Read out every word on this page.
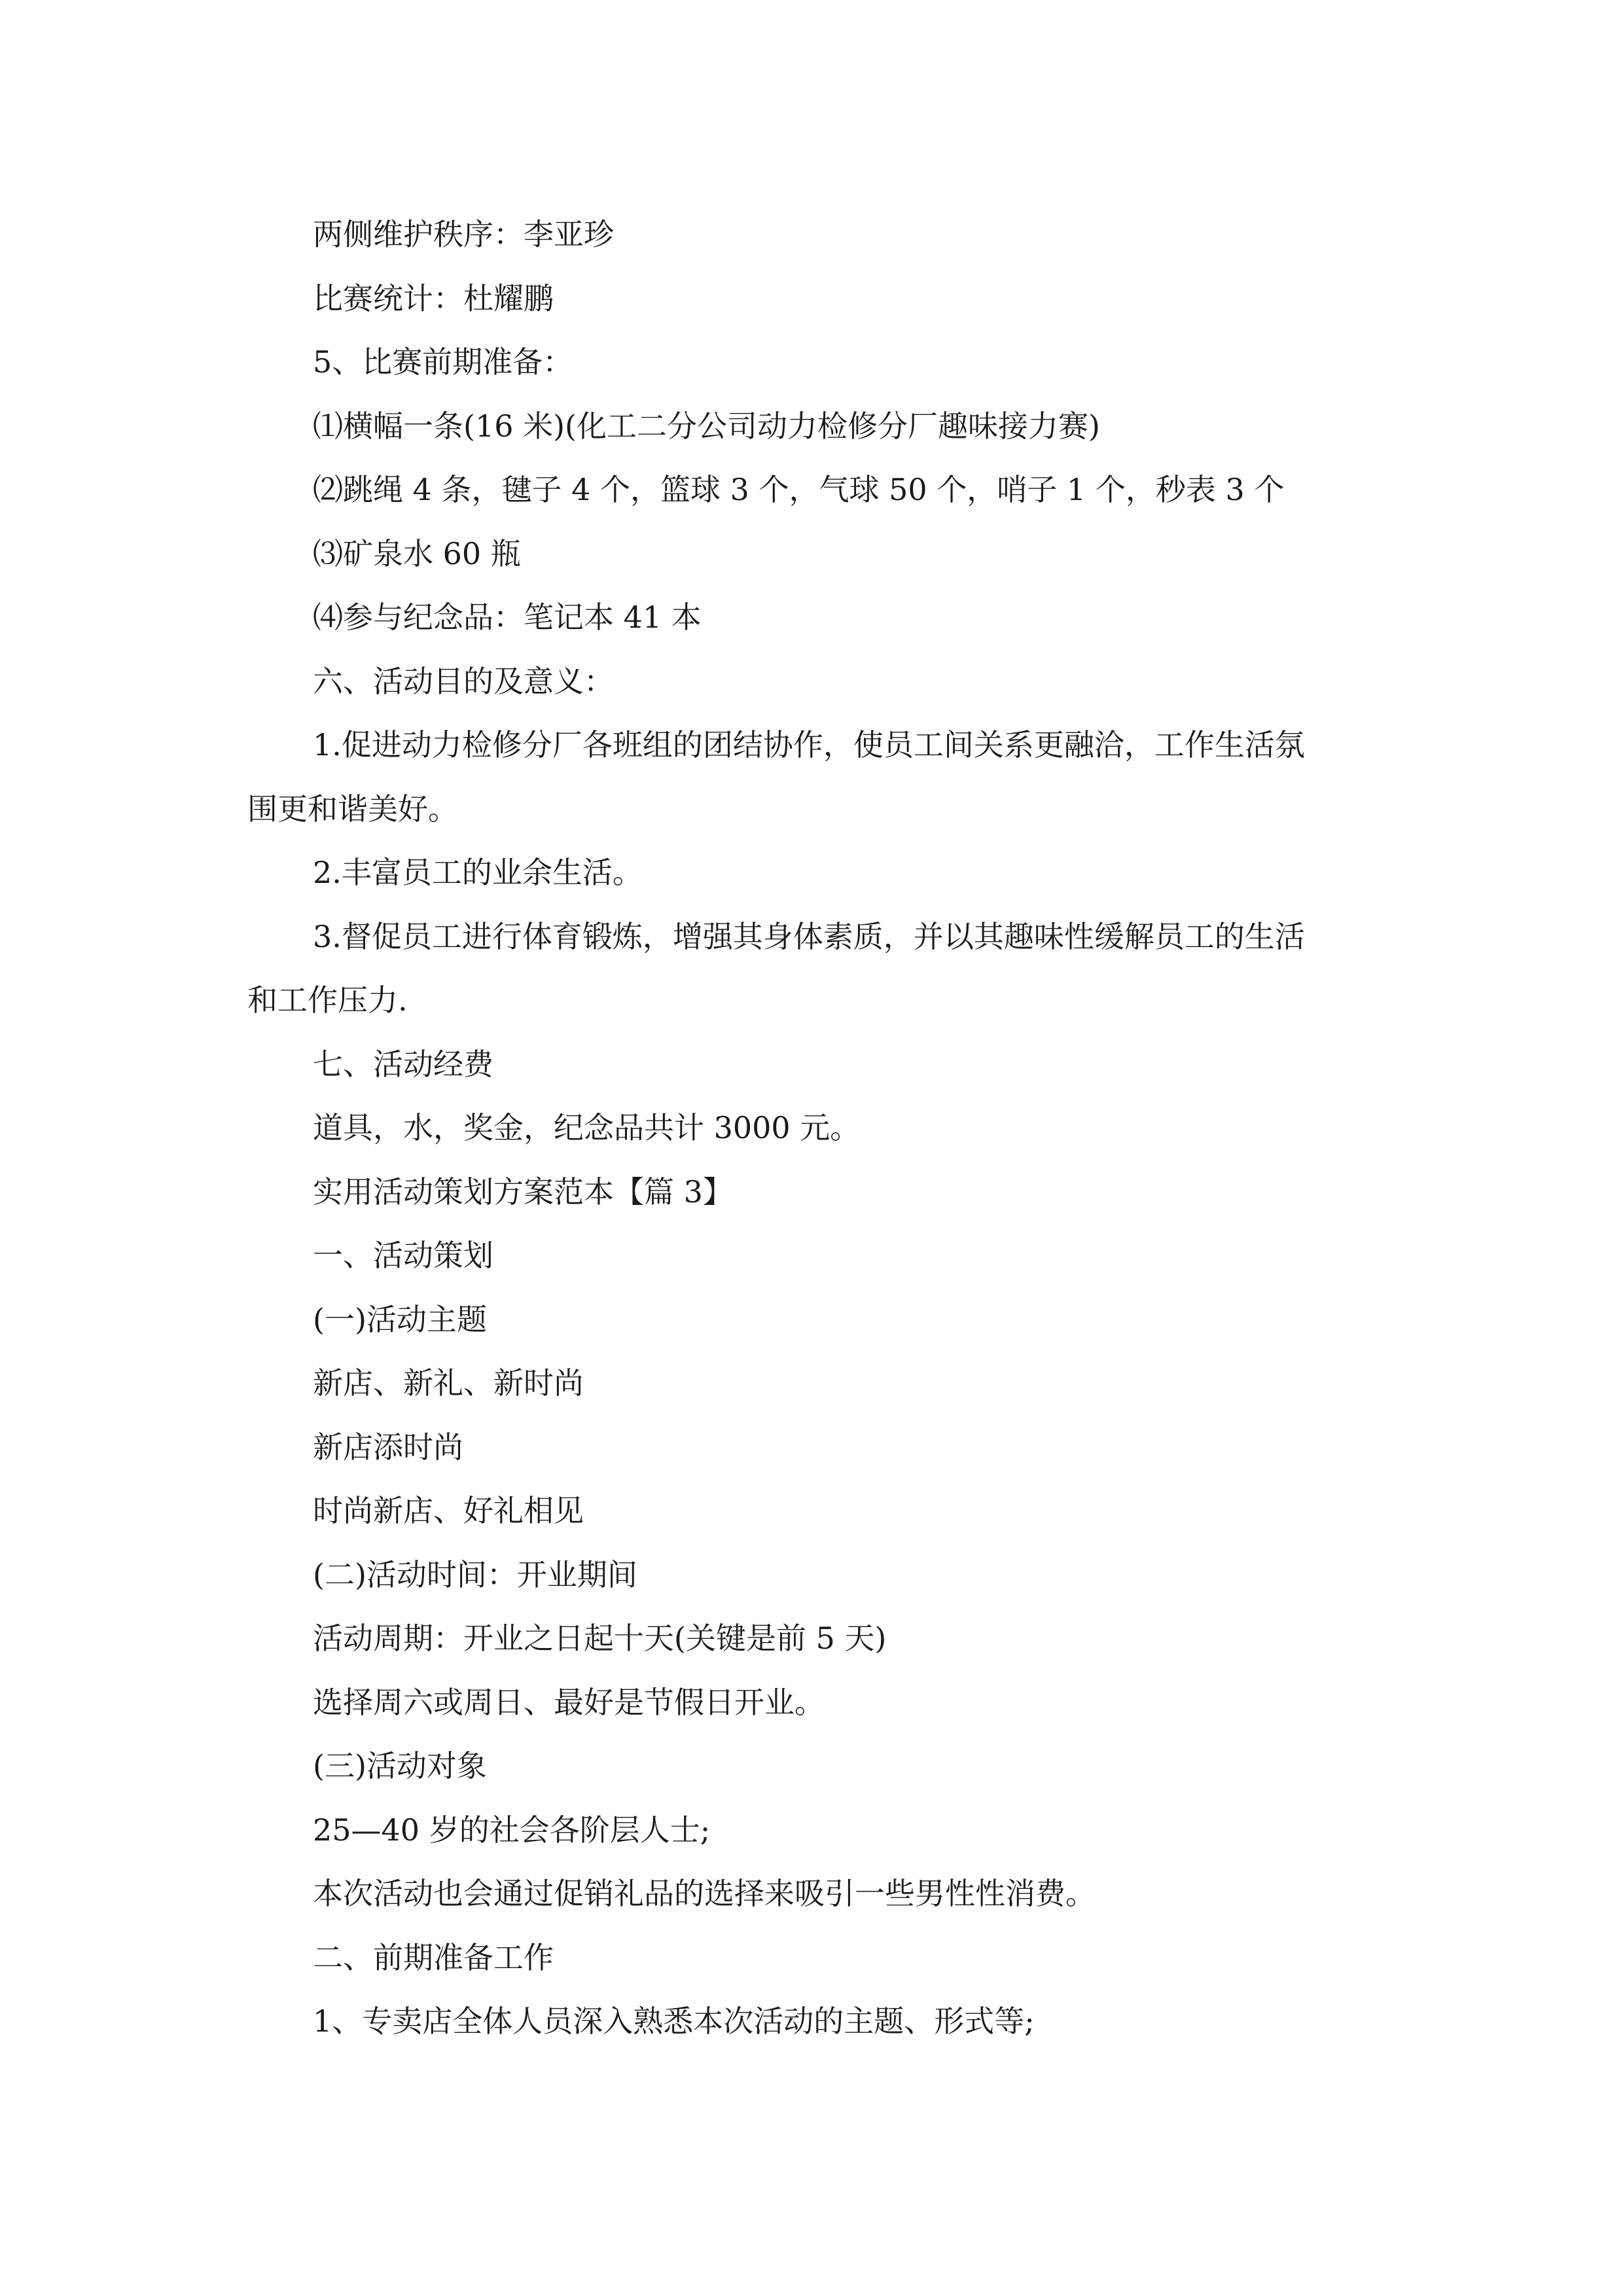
两侧维护秩序：李亚珍

比赛统计：杜耀鹏

5、比赛前期准备：

⑴横幅一条(16 米)(化工二分公司动力检修分厂趣味接力赛)

⑵跳绳 4 条，毽子 4 个，篮球 3 个，气球 50 个，哨子 1 个，秒表 3 个

⑶矿泉水 60 瓶

⑷参与纪念品：笔记本 41 本

六、活动目的及意义：

1.促进动力检修分厂各班组的团结协作，使员工间关系更融洽，工作生活氛

围更和谐美好。

2.丰富员工的业余生活。

3.督促员工进行体育锻炼，增强其身体素质，并以其趣味性缓解员工的生活

和工作压力.

七、活动经费

道具，水，奖金，纪念品共计 3000 元。

实用活动策划方案范本【篇 3】

一、活动策划

(一)活动主题

新店、新礼、新时尚

新店添时尚

时尚新店、好礼相见

(二)活动时间：开业期间

活动周期：开业之日起十天(关键是前 5 天)

选择周六或周日、最好是节假日开业。

(三)活动对象

25—40 岁的社会各阶层人士;

本次活动也会通过促销礼品的选择来吸引一些男性性消费。

二、前期准备工作

1、专卖店全体人员深入熟悉本次活动的主题、形式等;
